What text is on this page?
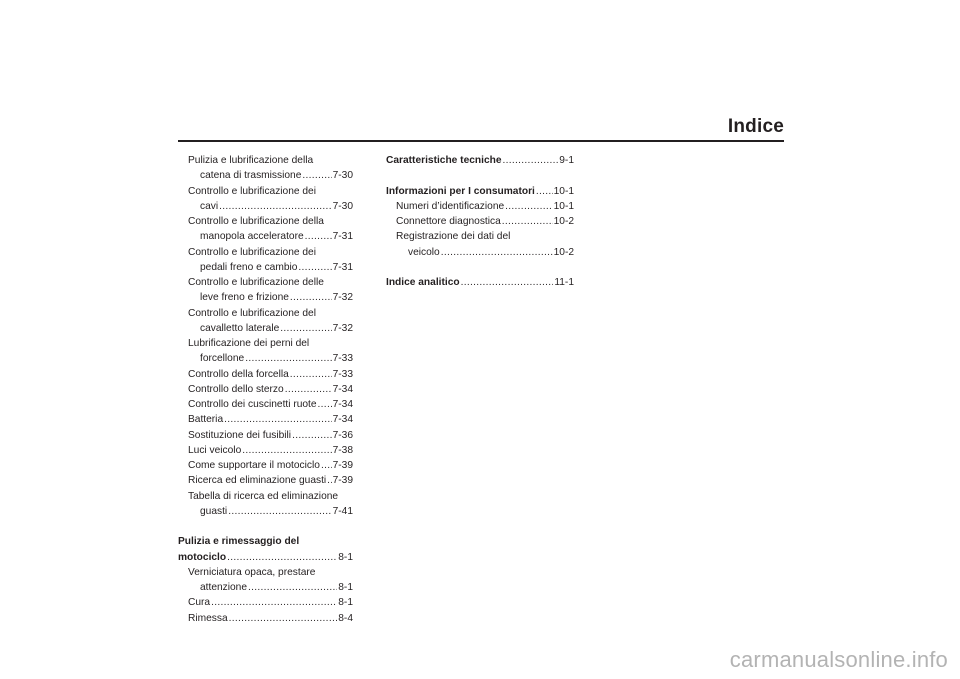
Indice
Pulizia e lubrificazione della
catena di trasmissione .....	7-30
Controllo e lubrificazione dei
cavi .....	7-30
Controllo e lubrificazione della
manopola acceleratore .....	7-31
Controllo e lubrificazione dei
pedali freno e cambio .....	7-31
Controllo e lubrificazione delle
leve freno e frizione .....	7-32
Controllo e lubrificazione del
cavalletto laterale .....	7-32
Lubrificazione dei perni del
forcellone .....	7-33
Controllo della forcella .....	7-33
Controllo dello sterzo .....	7-34
Controllo dei cuscinetti ruote ..... 7-34
Batteria .....	7-34
Sostituzione dei fusibili .....	7-36
Luci veicolo .....	7-38
Come supportare il motociclo ..... 7-39
Ricerca ed eliminazione guasti ..... 7-39
Tabella di ricerca ed eliminazione
guasti .....	7-41
Pulizia e rimessaggio del
motociclo .....	8-1
Verniciatura opaca, prestare
attenzione .....	8-1
Cura .....	8-1
Rimessa .....	8-4
Caratteristiche tecniche .....	9-1
Informazioni per I consumatori ..... 10-1
Numeri d’identificazione .....	10-1
Connettore diagnostica .....	10-2
Registrazione dei dati del
veicolo .....	10-2
Indice analitico .....	11-1
carmanualsonline.info
